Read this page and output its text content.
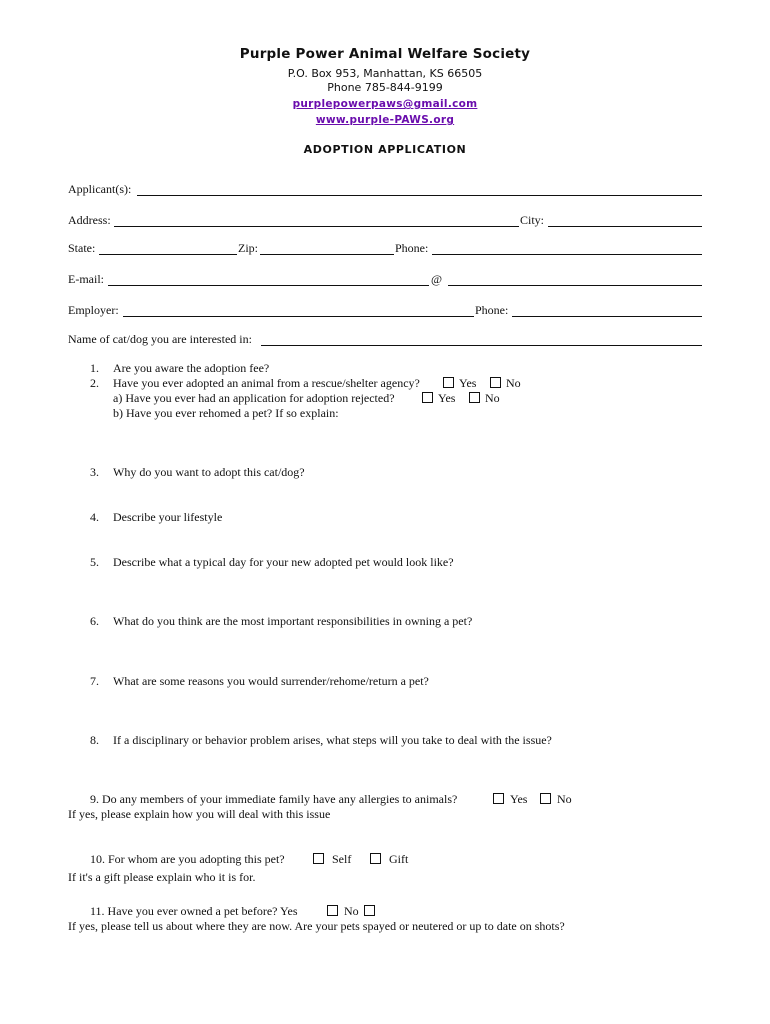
Purple Power Animal Welfare Society
P.O. Box 953, Manhattan, KS 66505
Phone 785-844-9199
purplepowerpaws@gmail.com
www.purple-PAWS.org
ADOPTION APPLICATION
Applicant(s):
Address:	City:
State:	Zip:	Phone:
E-mail:	@
Employer:	Phone:
Name of cat/dog you are interested in:
1. Are you aware the adoption fee?
2. Have you ever adopted an animal from a rescue/shelter agency?	Yes No
a) Have you ever had an application for adoption rejected?	Yes No
b) Have you ever rehomed a pet? If so explain:
3. Why do you want to adopt this cat/dog?
4. Describe your lifestyle
5. Describe what a typical day for your new adopted pet would look like?
6. What do you think are the most important responsibilities in owning a pet?
7. What are some reasons you would surrender/rehome/return a pet?
8. If a disciplinary or behavior problem arises, what steps will you take to deal with the issue?
9. Do any members of your immediate family have any allergies to animals?	Yes No
If yes, please explain how you will deal with this issue
10. For whom are you adopting this pet?	Self	Gift
If it's a gift please explain who it is for.
11. Have you ever owned a pet before? Yes	No
If yes, please tell us about where they are now. Are your pets spayed or neutered or up to date on shots?
